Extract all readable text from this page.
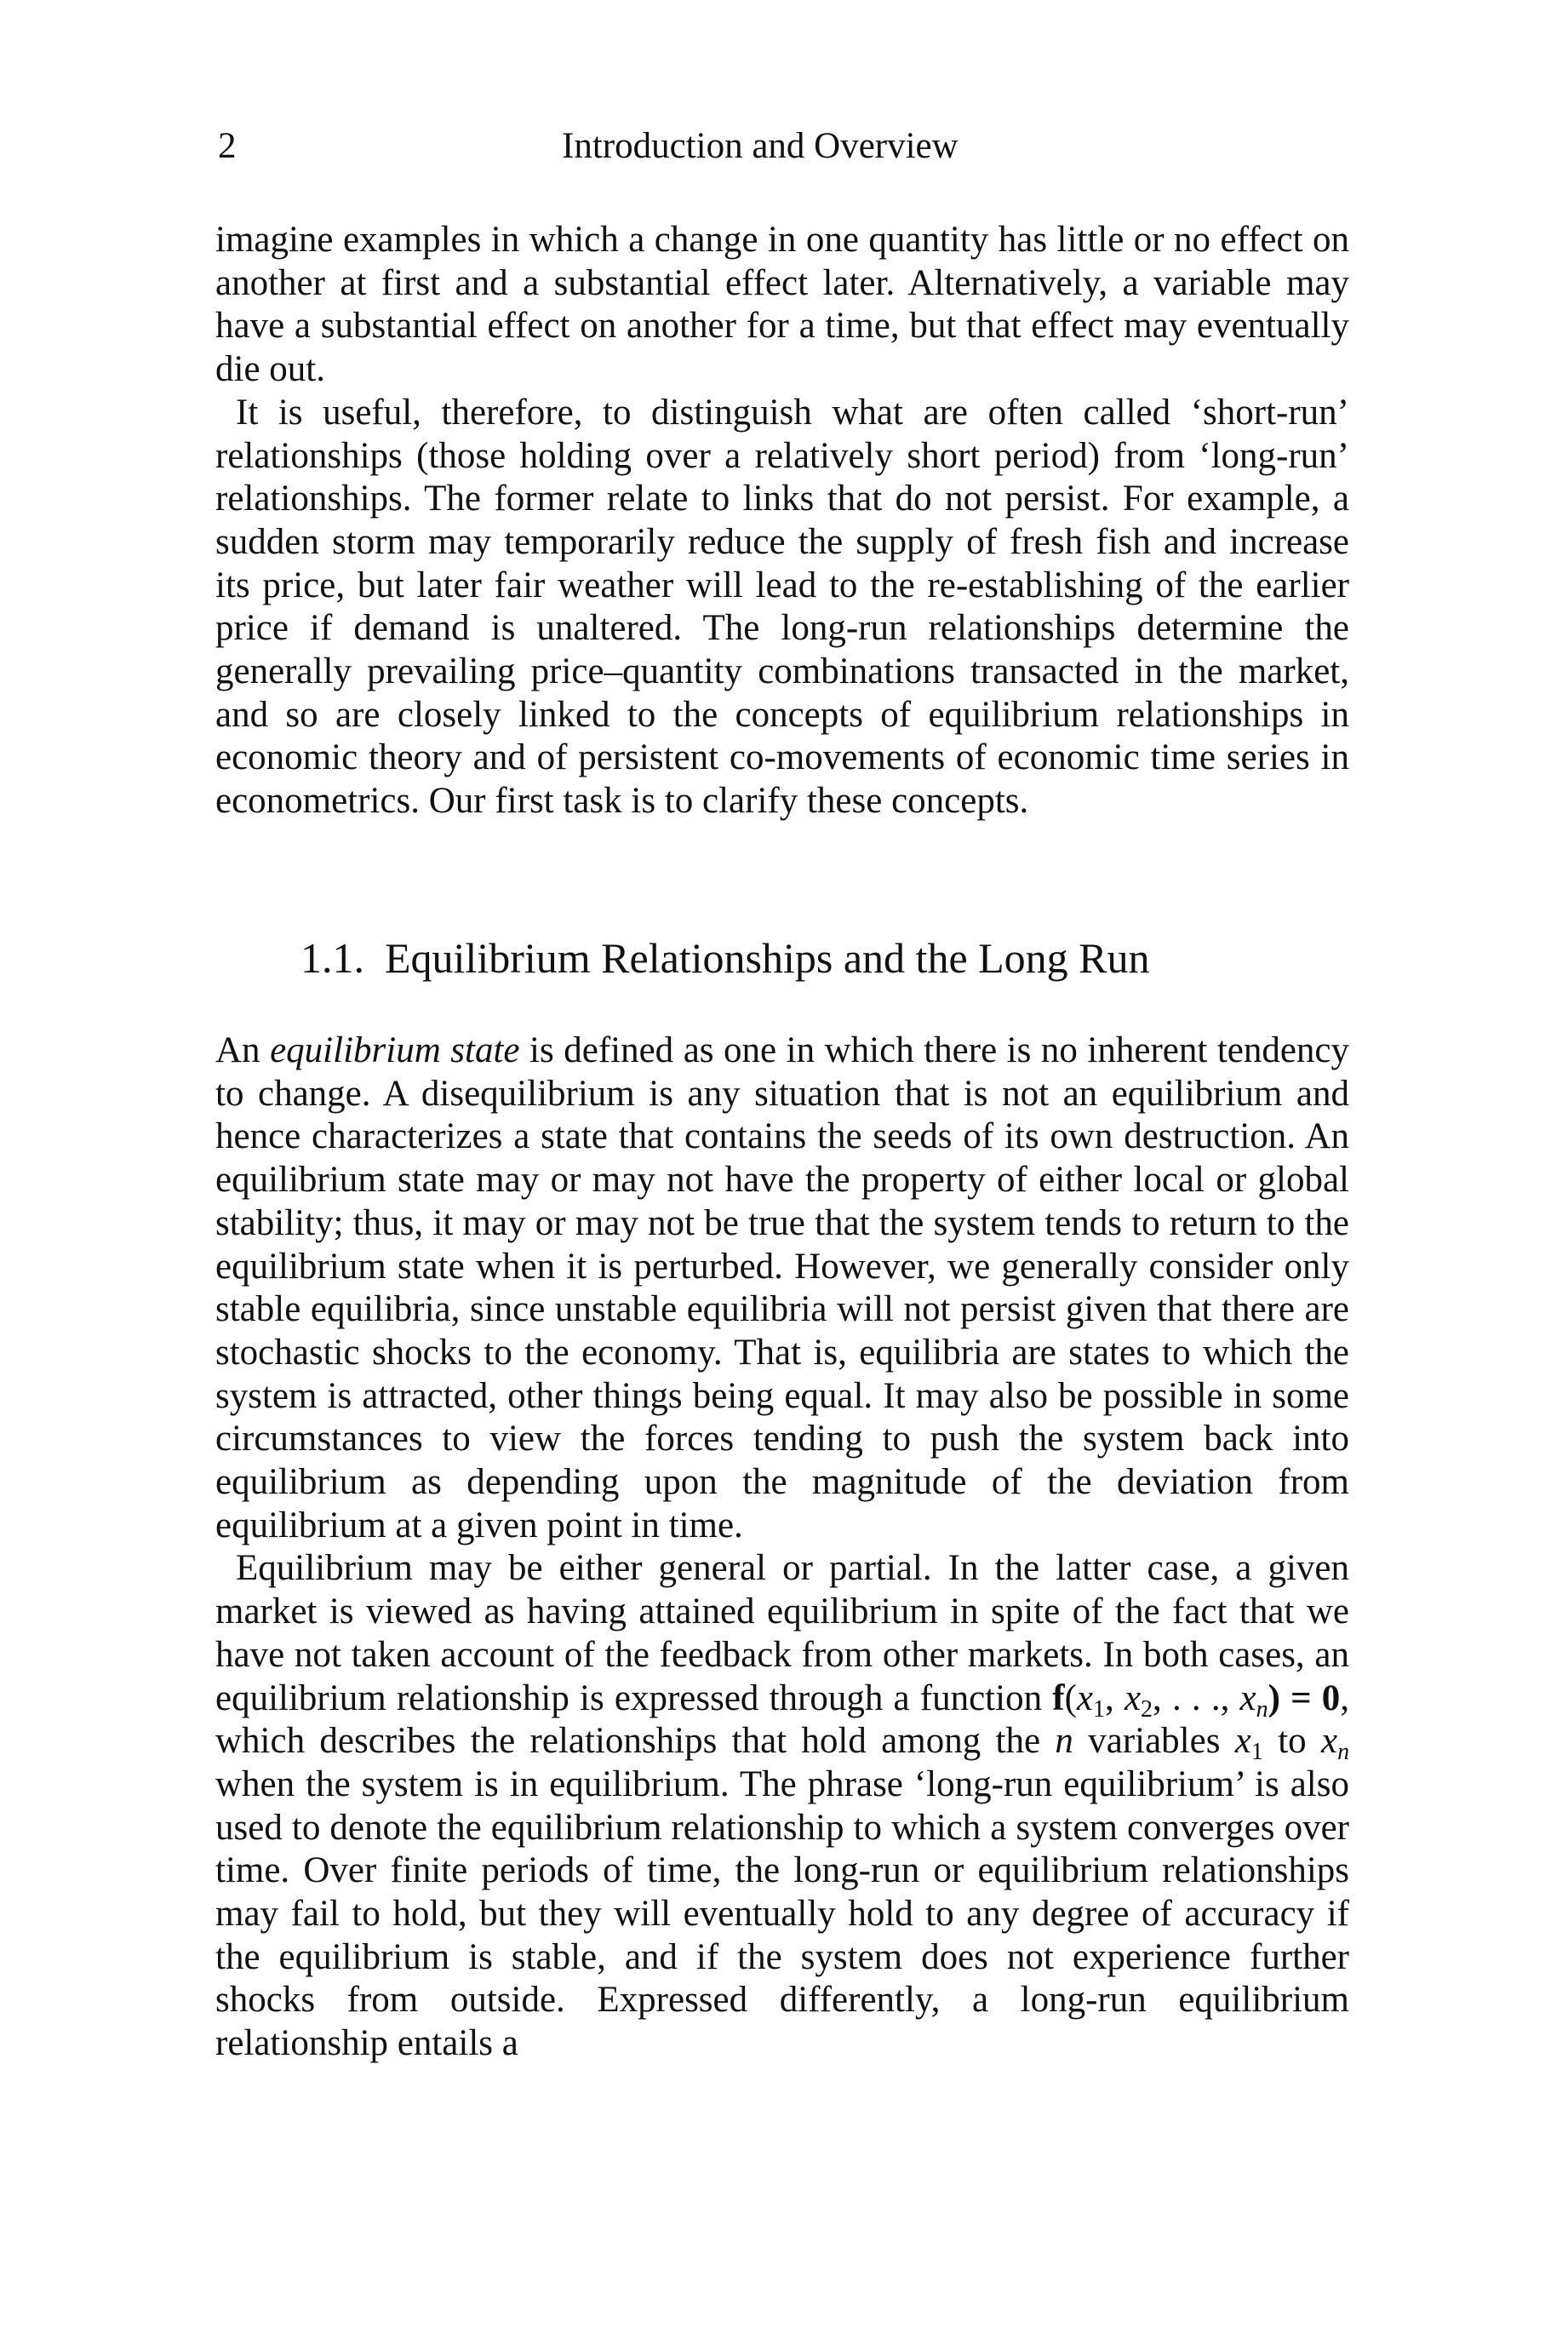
2	Introduction and Overview

imagine examples in which a change in one quantity has little or no effect on another at first and a substantial effect later. Alternatively, a variable may have a substantial effect on another for a time, but that effect may eventually die out.

It is useful, therefore, to distinguish what are often called ‘short-run’ relationships (those holding over a relatively short period) from ‘long-run’ relationships. The former relate to links that do not persist. For example, a sudden storm may temporarily reduce the supply of fresh fish and increase its price, but later fair weather will lead to the re-establishing of the earlier price if demand is unaltered. The long-run relationships determine the generally prevailing price–quantity combinations transacted in the market, and so are closely linked to the concepts of equilibrium relationships in economic theory and of persistent co-movements of economic time series in econometrics. Our first task is to clarify these concepts.

1.1. Equilibrium Relationships and the Long Run

An equilibrium state is defined as one in which there is no inherent tendency to change. A disequilibrium is any situation that is not an equilibrium and hence characterizes a state that contains the seeds of its own destruction. An equilibrium state may or may not have the property of either local or global stability; thus, it may or may not be true that the system tends to return to the equilibrium state when it is perturbed. However, we generally consider only stable equilibria, since unstable equilibria will not persist given that there are stochastic shocks to the economy. That is, equilibria are states to which the system is attracted, other things being equal. It may also be possible in some circumstances to view the forces tending to push the system back into equilibrium as depending upon the magnitude of the deviation from equilibrium at a given point in time.

Equilibrium may be either general or partial. In the latter case, a given market is viewed as having attained equilibrium in spite of the fact that we have not taken account of the feedback from other markets. In both cases, an equilibrium relationship is expressed through a function $f(x_1$, $x_2$, . . ., $x_n) = 0$, which describes the relationships that hold among the n variables $x_1$ to $x_n$ when the system is in equilibrium. The phrase ‘long-run equilibrium’ is also used to denote the equilibrium relationship to which a system converges over time. Over finite periods of time, the long-run or equilibrium relationships may fail to hold, but they will eventually hold to any degree of accuracy if the equilibrium is stable, and if the system does not experience further shocks from outside. Expressed differently, a long-run equilibrium relationship entails a
